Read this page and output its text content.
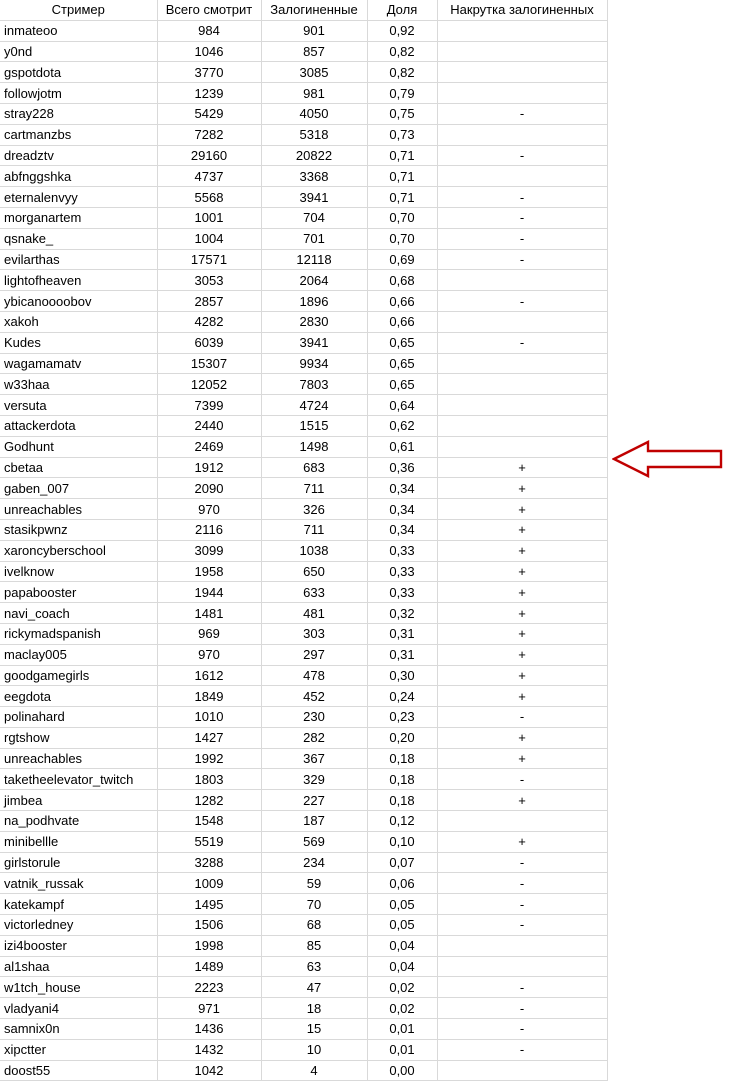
Стример	Всего смотрит	Залогиненные	Доля	Накрутка залогиненных
inmateoo	984	901	0,92	
y0nd	1046	857	0,82	
gspotdota	3770	3085	0,82	
followjotm	1239	981	0,79	
stray228	5429	4050	0,75	-
cartmanzbs	7282	5318	0,73	
dreadztv	29160	20822	0,71	-
abfnggshka	4737	3368	0,71	
eternalenvyy	5568	3941	0,71	-
morganartem	1001	704	0,70	-
qsnake_	1004	701	0,70	-
evilarthas	17571	12118	0,69	-
lightofheaven	3053	2064	0,68	
ybicanoooobov	2857	1896	0,66	-
xakoh	4282	2830	0,66	
Kudes	6039	3941	0,65	-
wagamamatv	15307	9934	0,65	
w33haa	12052	7803	0,65	
versuta	7399	4724	0,64	
attackerdota	2440	1515	0,62	
Godhunt	2469	1498	0,61	
cbetaa	1912	683	0,36	+
gaben_007	2090	711	0,34	+
unreachables	970	326	0,34	+
stasikpwnz	2116	711	0,34	+
xaroncyberschool	3099	1038	0,33	+
ivelknow	1958	650	0,33	+
papabooster	1944	633	0,33	+
navi_coach	1481	481	0,32	+
rickymadspanish	969	303	0,31	+
maclay005	970	297	0,31	+
goodgamegirls	1612	478	0,30	+
eegdota	1849	452	0,24	+
polinahard	1010	230	0,23	-
rgtshow	1427	282	0,20	+
unreachables	1992	367	0,18	+
taketheelevator_twitch	1803	329	0,18	-
jimbea	1282	227	0,18	+
na_podhvate	1548	187	0,12	
minibellle	5519	569	0,10	+
girlstorule	3288	234	0,07	-
vatnik_russak	1009	59	0,06	-
katekampf	1495	70	0,05	-
victorledney	1506	68	0,05	-
izi4booster	1998	85	0,04	
al1shaa	1489	63	0,04	
w1tch_house	2223	47	0,02	-
vladyani4	971	18	0,02	-
samnix0n	1436	15	0,01	-
xipctter	1432	10	0,01	-
doost55	1042	4	0,00	
